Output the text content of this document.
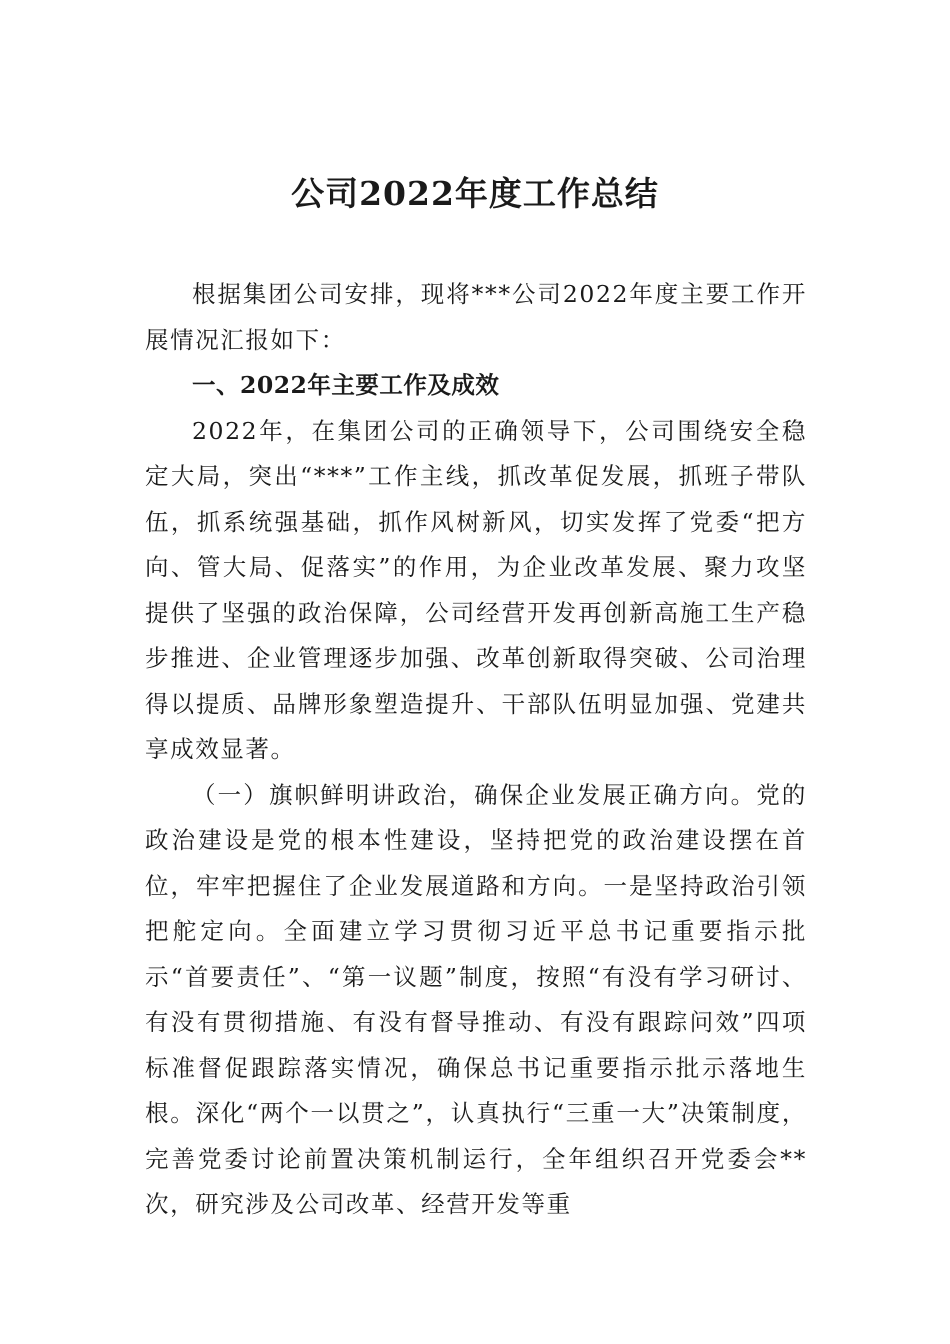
公司2022年度工作总结

根据集团公司安排，现将***公司2022年度主要工作开展情况汇报如下：

一、2022年主要工作及成效

2022年，在集团公司的正确领导下，公司围绕安全稳定大局，突出“***”工作主线，抓改革促发展，抓班子带队伍，抓系统强基础，抓作风树新风，切实发挥了党委“把方向、管大局、促落实”的作用，为企业改革发展、聚力攻坚提供了坚强的政治保障，公司经营开发再创新高施工生产稳步推进、企业管理逐步加强、改革创新取得突破、公司治理得以提质、品牌形象塑造提升、干部队伍明显加强、党建共享成效显著。

（一）旗帜鲜明讲政治，确保企业发展正确方向。党的政治建设是党的根本性建设，坚持把党的政治建设摆在首位，牢牢把握住了企业发展道路和方向。一是坚持政治引领把舵定向。全面建立学习贯彻习近平总书记重要指示批示“首要责任”、“第一议题”制度，按照“有没有学习研讨、有没有贯彻措施、有没有督导推动、有没有跟踪问效”四项标准督促跟踪落实情况，确保总书记重要指示批示落地生根。深化“两个一以贯之”，认真执行“三重一大”决策制度，完善党委讨论前置决策机制运行，全年组织召开党委会**次，研究涉及公司改革、经营开发等重
